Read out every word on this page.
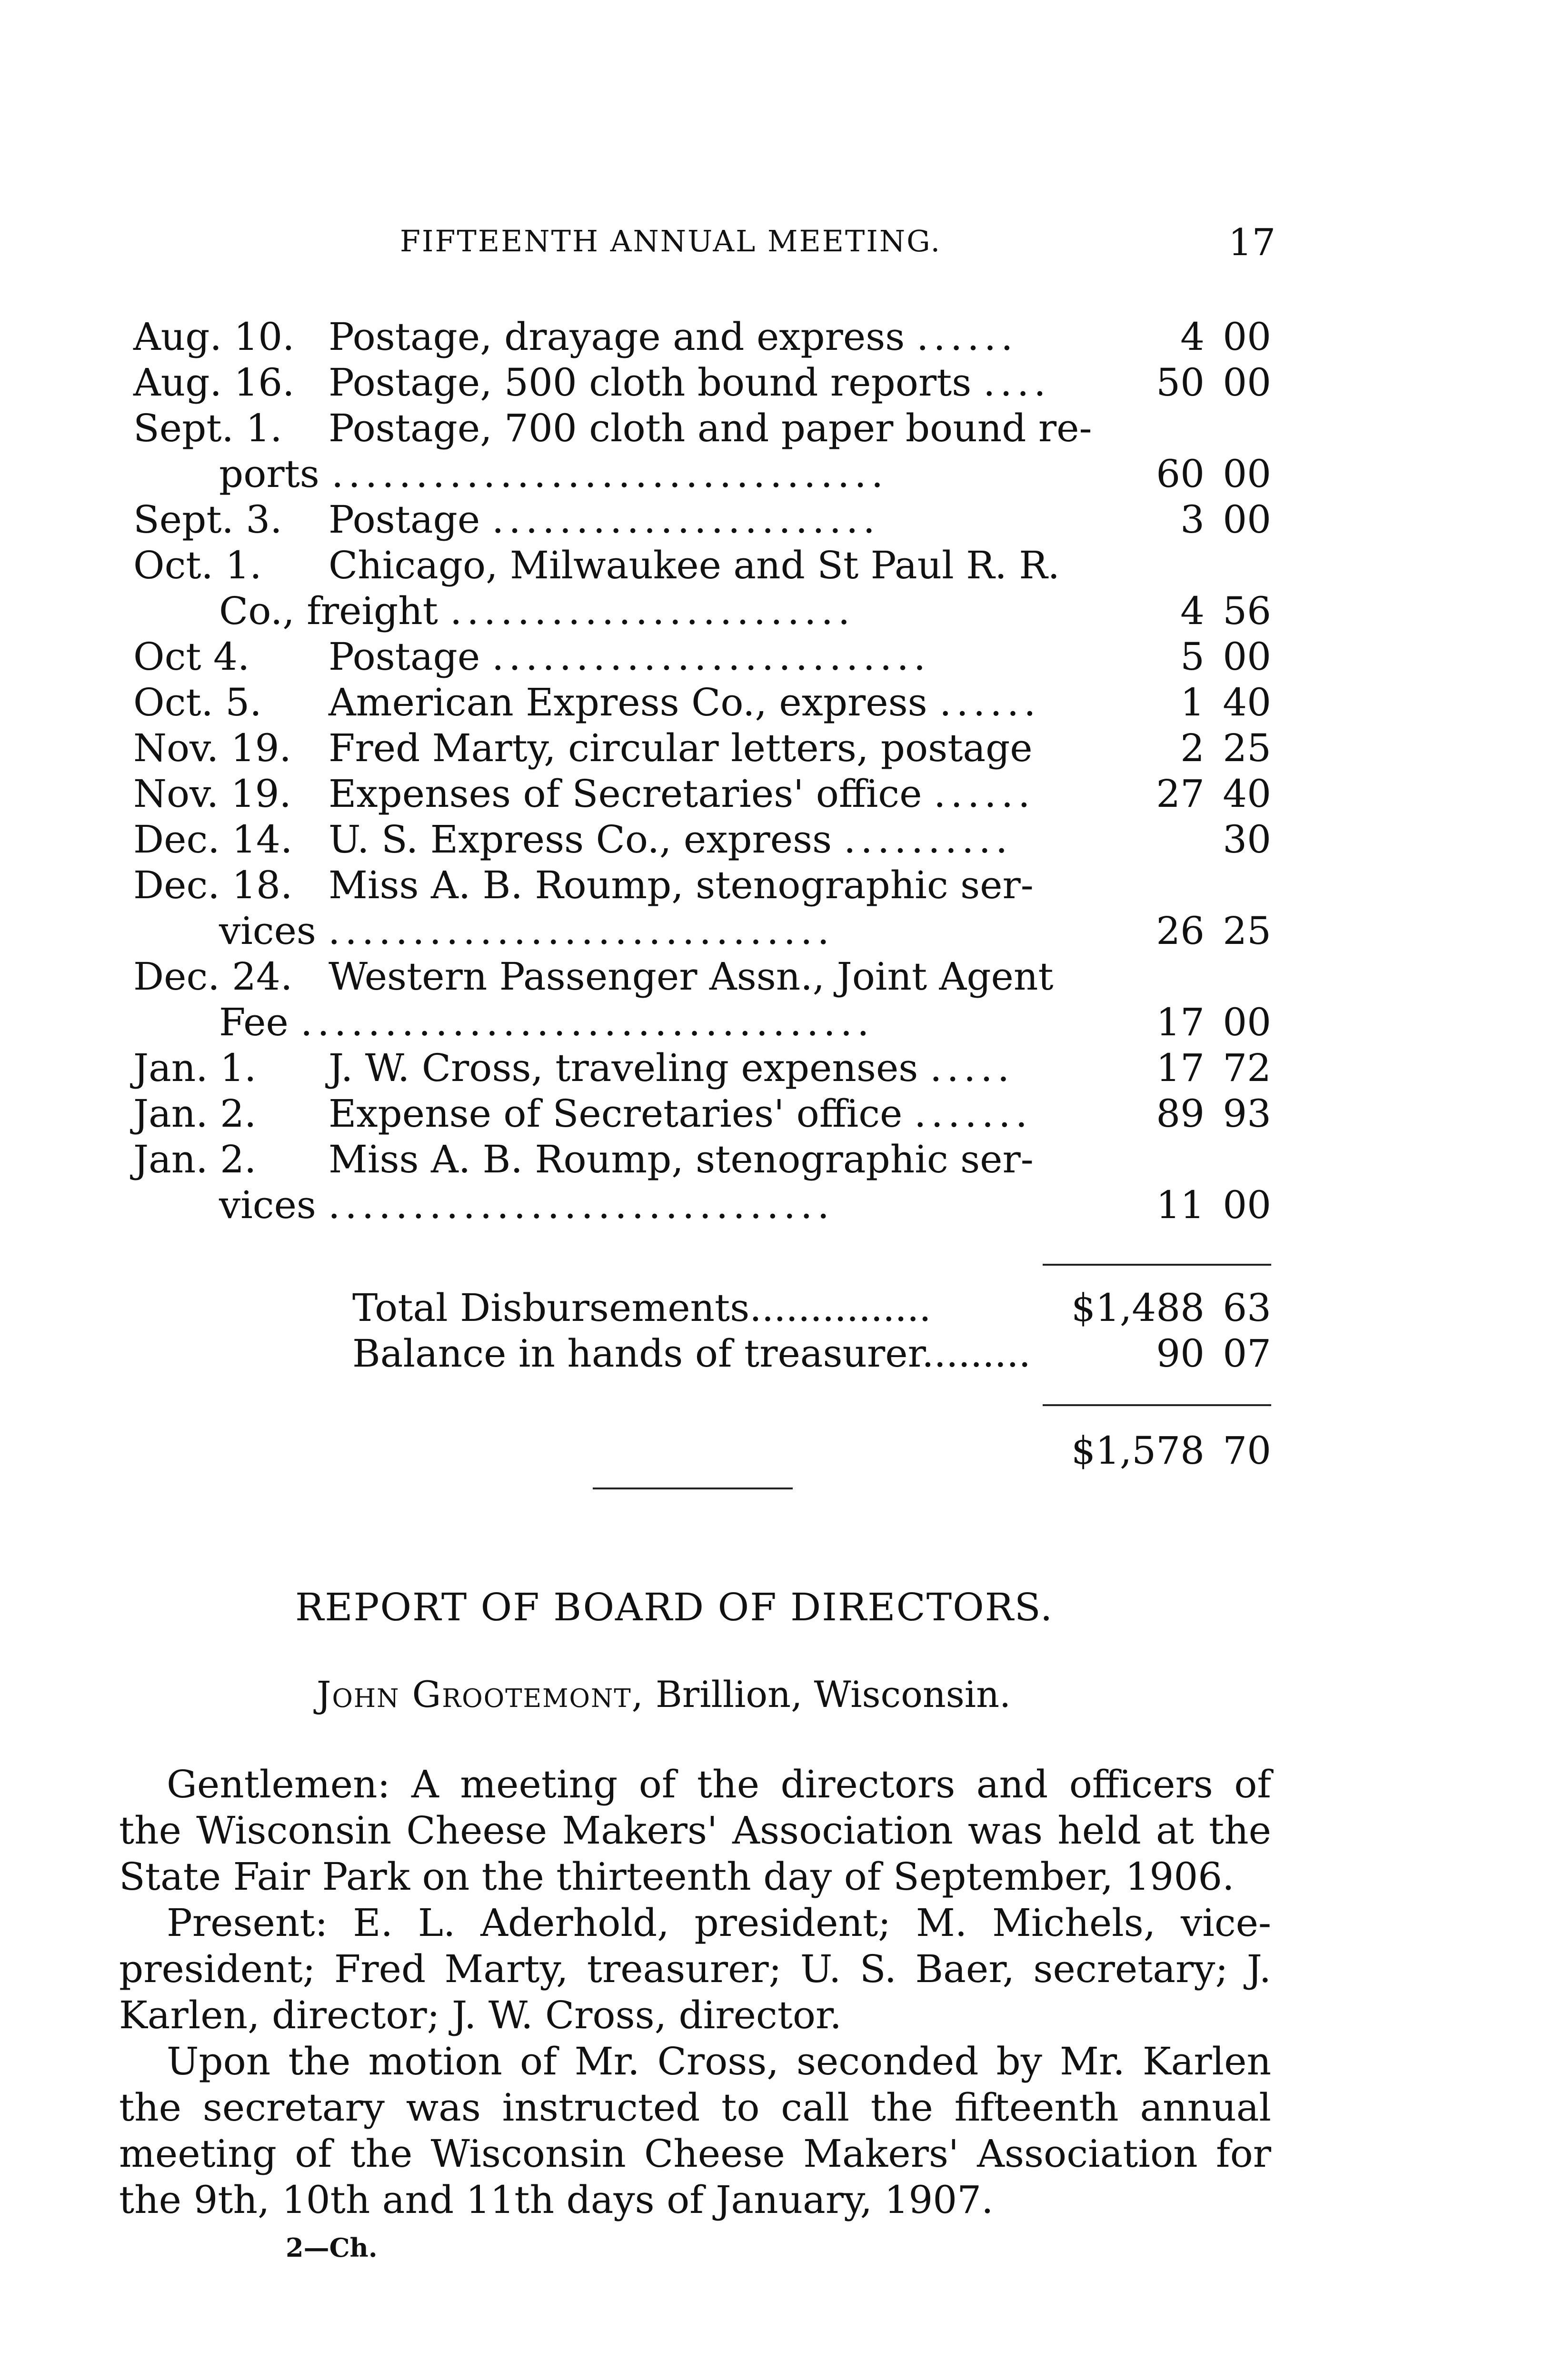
FIFTEENTH ANNUAL MEETING.	17
Aug. 10. Postage, drayage and express ......	4 00
Aug. 16. Postage, 500 cloth bound reports ....	50 00
Sept. 1. Postage, 700 cloth and paper bound re-
ports .................................	60 00
Sept. 3. Postage .......................	3 00
Oct. 1. Chicago, Milwaukee and St Paul R. R.
Co., freight ........................	4 56
Oct 4. Postage ..........................	5 00
Oct. 5. American Express Co., express ......	1 40
Nov. 19. Fred Marty, circular letters, postage	2 25
Nov. 19. Expenses of Secretaries' office ......	27 40
Dec. 14. U. S. Express Co., express ..........	30
Dec. 18. Miss A. B. Roump, stenographic ser-
vices ..............................	26 25
Dec. 24. Western Passenger Assn., Joint Agent
Fee ..................................	17 00
Jan. 1. J. W. Cross, traveling expenses .....	17 72
Jan. 2. Expense of Secretaries' office .......	89 93
Jan. 2. Miss A. B. Roump, stenographic ser-
vices ..............................	11 00
Total Disbursements...............	$1,488 63
Balance in hands of treasurer.........	90 07
$1,578 70
REPORT OF BOARD OF DIRECTORS.
John Grootemont, Brillion, Wisconsin.

Gentlemen: A meeting of the directors and officers of the Wisconsin Cheese Makers' Association was held at the State Fair Park on the thirteenth day of September, 1906.

Present: E. L. Aderhold, president; M. Michels, vice-president; Fred Marty, treasurer; U. S. Baer, secretary; J. Karlen, director; J. W. Cross, director.

Upon the motion of Mr. Cross, seconded by Mr. Karlen the secretary was instructed to call the fifteenth annual meeting of the Wisconsin Cheese Makers' Association for the 9th, 10th and 11th days of January, 1907.

2—Ch.
